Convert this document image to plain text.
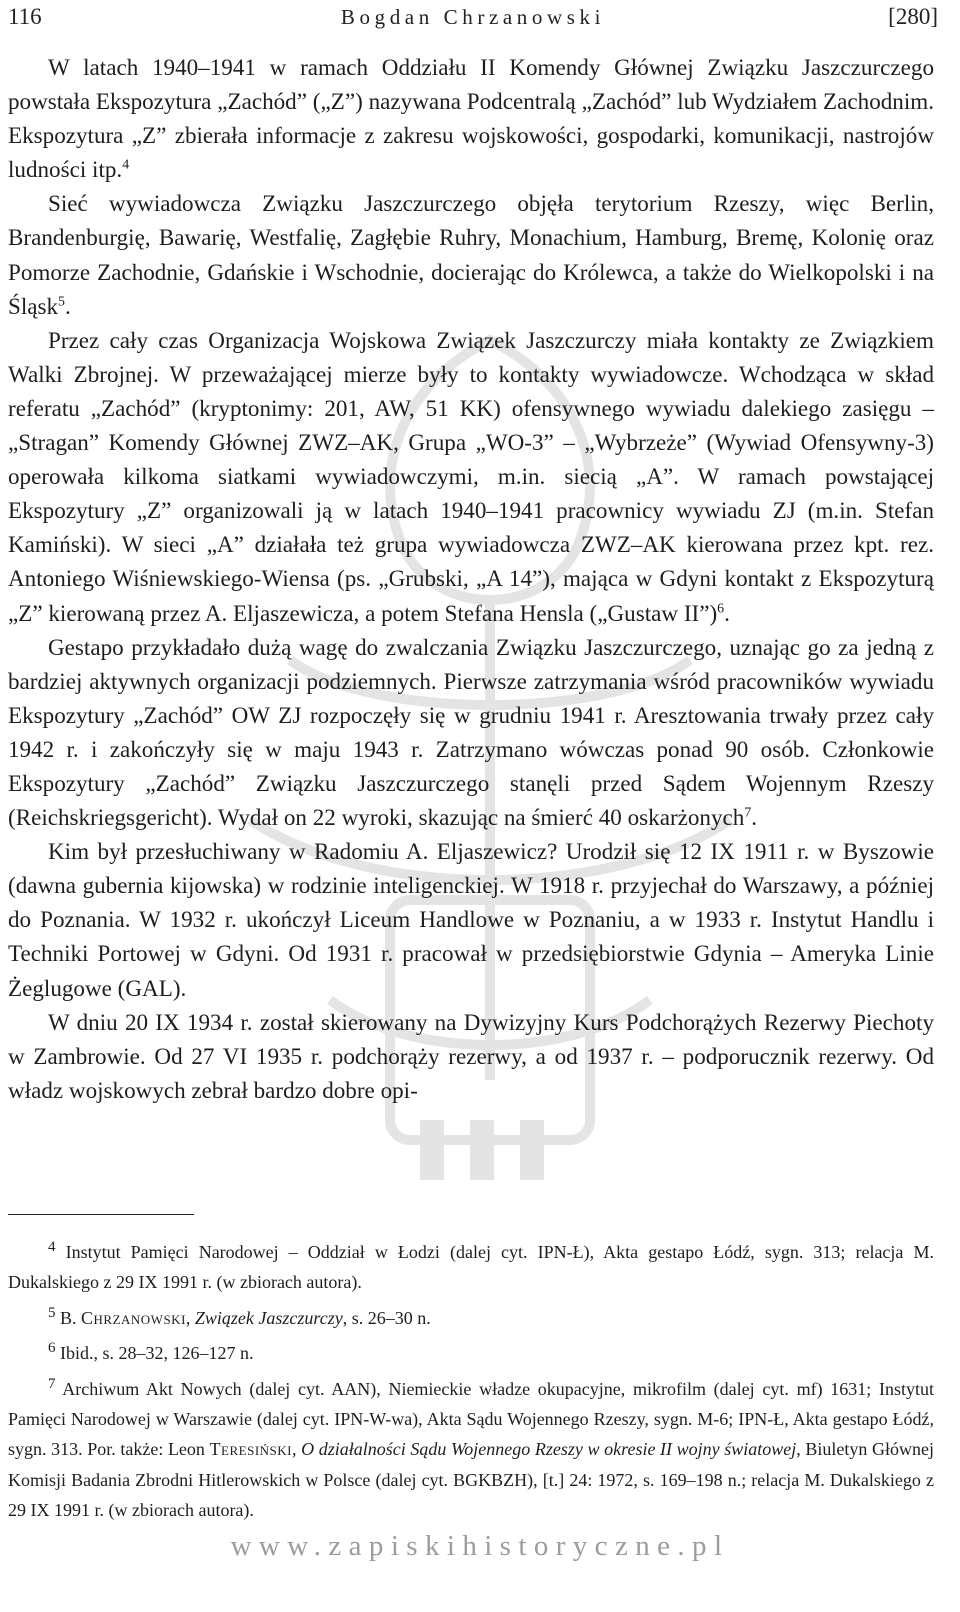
116	Bogdan Chrzanowski	[280]

W latach 1940–1941 w ramach Oddziału II Komendy Głównej Związku Jaszczurczego powstała Ekspozytura „Zachód” („Z”) nazywana Podcentralą „Zachód” lub Wydziałem Zachodnim. Ekspozytura „Z” zbierała informacje z zakresu wojskowości, gospodarki, komunikacji, nastrojów ludności itp.$^4$

Sieć wywiadowcza Związku Jaszczurczego objęła terytorium Rzeszy, więc Berlin, Brandenburgię, Bawarię, Westfalię, Zagłębie Ruhry, Monachium, Hamburg, Bremę, Kolonię oraz Pomorze Zachodnie, Gdańskie i Wschodnie, docierając do Królewca, a także do Wielkopolski i na Śląsk$^5$.

Przez cały czas Organizacja Wojskowa Związek Jaszczurczy miała kontakty ze Związkiem Walki Zbrojnej. W przeważającej mierze były to kontakty wywiadowcze. Wchodząca w skład referatu „Zachód” (kryptonimy: 201, AW, 51 KK) ofensywnego wywiadu dalekiego zasięgu – „Stragan” Komendy Głównej ZWZ–AK, Grupa „WO-3” – „Wybrzeże” (Wywiad Ofensywny-3) operowała kilkoma siatkami wywiadowczymi, m.in. siecią „A”. W ramach powstającej Ekspozytury „Z” organizowali ją w latach 1940–1941 pracownicy wywiadu ZJ (m.in. Stefan Kamiński). W sieci „A” działała też grupa wywiadowcza ZWZ–AK kierowana przez kpt. rez. Antoniego Wiśniewskiego-Wiensa (ps. „Grubski, „A 14”), mająca w Gdyni kontakt z Ekspozyturą „Z” kierowaną przez A. Eljaszewicza, a potem Stefana Hensla („Gustaw II”)$^6$.

Gestapo przykładało dużą wagę do zwalczania Związku Jaszczurczego, uznając go za jedną z bardziej aktywnych organizacji podziemnych. Pierwsze zatrzymania wśród pracowników wywiadu Ekspozytury „Zachód” OW ZJ rozpoczęły się w grudniu 1941 r. Aresztowania trwały przez cały 1942 r. i zakończyły się w maju 1943 r. Zatrzymano wówczas ponad 90 osób. Członkowie Ekspozytury „Zachód” Związku Jaszczurczego stanęli przed Sądem Wojennym Rzeszy (Reichskriegsgericht). Wydał on 22 wyroki, skazując na śmierć 40 oskarżonych$^7$.

Kim był przesłuchiwany w Radomiu A. Eljaszewicz? Urodził się 12 IX 1911 r. w Byszowie (dawna gubernia kijowska) w rodzinie inteligenckiej. W 1918 r. przyjechał do Warszawy, a później do Poznania. W 1932 r. ukończył Liceum Handlowe w Poznaniu, a w 1933 r. Instytut Handlu i Techniki Portowej w Gdyni. Od 1931 r. pracował w przedsiębiorstwie Gdynia – Ameryka Linie Żeglugowe (GAL).

W dniu 20 IX 1934 r. został skierowany na Dywizyjny Kurs Podchorążych Rezerwy Piechoty w Zambrowie. Od 27 VI 1935 r. podchorąży rezerwy, a od 1937 r. – podporucznik rezerwy. Od władz wojskowych zebrał bardzo dobre opi-

$^4$ Instytut Pamięci Narodowej – Oddział w Łodzi (dalej cyt. IPN-Ł), Akta gestapo Łódź, sygn. 313; relacja M. Dukalskiego z 29 IX 1991 r. (w zbiorach autora).

$^5$ B. Chrzanowski, Związek Jaszczurczy, s. 26–30 n.

$^6$ Ibid., s. 28–32, 126–127 n.

$^7$ Archiwum Akt Nowych (dalej cyt. AAN), Niemieckie władze okupacyjne, mikrofilm (dalej cyt. mf) 1631; Instytut Pamięci Narodowej w Warszawie (dalej cyt. IPN-W-wa), Akta Sądu Wojennego Rzeszy, sygn. M-6; IPN-Ł, Akta gestapo Łódź, sygn. 313. Por. także: Leon Teresiński, O działalności Sądu Wojennego Rzeszy w okresie II wojny światowej, Biuletyn Głównej Komisji Badania Zbrodni Hitlerowskich w Polsce (dalej cyt. BGKBZH), [t.] 24: 1972, s. 169–198 n.; relacja M. Dukalskiego z 29 IX 1991 r. (w zbiorach autora).

www.zapiskihistoryczne.pl
